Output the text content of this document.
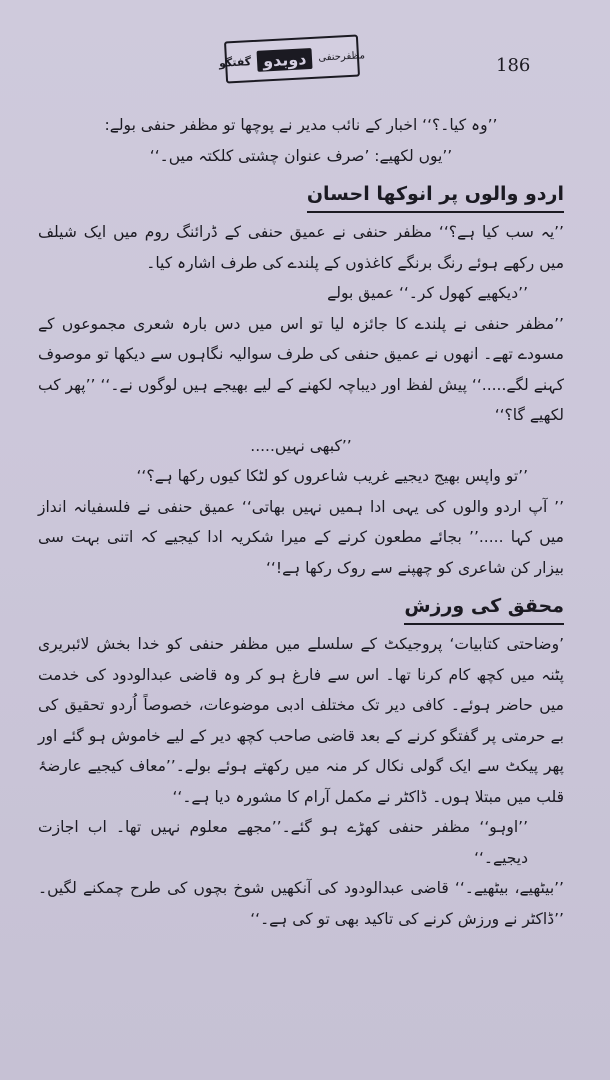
گفتگو دوبدو	مظفرحنفی	186

’’وہ کیا۔؟‘‘ اخبار کے نائب مدیر نے پوچھا تو مظفر حنفی بولے:

’’یوں لکھیے: ’صرف عنوان چشتی کلکتہ میں۔‘‘

اردو والوں پر انوکھا احسان

’’یہ سب کیا ہے؟‘‘ مظفر حنفی نے عمیق حنفی کے ڈرائنگ روم میں ایک شیلف میں رکھے ہوئے رنگ برنگے کاغذوں کے پلندے کی طرف اشارہ کیا۔

’’دیکھیے کھول کر۔‘‘ عمیق بولے

’’مظفر حنفی نے پلندے کا جائزہ لیا تو اس میں دس بارہ شعری مجموعوں کے مسودے تھے۔ انھوں نے عمیق حنفی کی طرف سوالیہ نگاہوں سے دیکھا تو موصوف کہنے لگے.....‘‘ پیش لفظ اور دیباچہ لکھنے کے لیے بھیجے ہیں لوگوں نے۔‘‘ ’’پھر کب لکھیے گا؟‘‘

’’کبھی نہیں.....

’’تو واپس بھیج دیجیے غریب شاعروں کو لٹکا کیوں رکھا ہے؟‘‘

’’ آپ اردو والوں کی یہی ادا ہمیں نہیں بھاتی‘‘ عمیق حنفی نے فلسفیانہ انداز میں کہا .....’’ بجائے مطعون کرنے کے میرا شکریہ ادا کیجیے کہ اتنی بہت سی بیزار کن شاعری کو چھپنے سے روک رکھا ہے!‘‘

محقق کی ورزش

’وضاحتی کتابیات‘ پروجیکٹ کے سلسلے میں مظفر حنفی کو خدا بخش لائبریری پٹنہ میں کچھ کام کرنا تھا۔ اس سے فارغ ہو کر وہ قاضی عبدالودود کی خدمت میں حاضر ہوئے۔ کافی دیر تک مختلف ادبی موضوعات، خصوصاً اُردو تحقیق کی بے حرمتی پر گفتگو کرنے کے بعد قاضی صاحب کچھ دیر کے لیے خاموش ہو گئے اور پھر پیکٹ سے ایک گولی نکال کر منہ میں رکھتے ہوئے بولے۔’’معاف کیجیے عارضۂ قلب میں مبتلا ہوں۔ ڈاکٹر نے مکمل آرام کا مشورہ دیا ہے۔‘‘

’’اوہو‘‘ مظفر حنفی کھڑے ہو گئے۔’’مجھے معلوم نہیں تھا۔ اب اجازت دیجیے۔‘‘

’’بیٹھیے، بیٹھیے۔‘‘ قاضی عبدالودود کی آنکھیں شوخ بچوں کی طرح چمکنے لگیں۔ ’’ڈاکٹر نے ورزش کرنے کی تاکید بھی تو کی ہے۔‘‘
